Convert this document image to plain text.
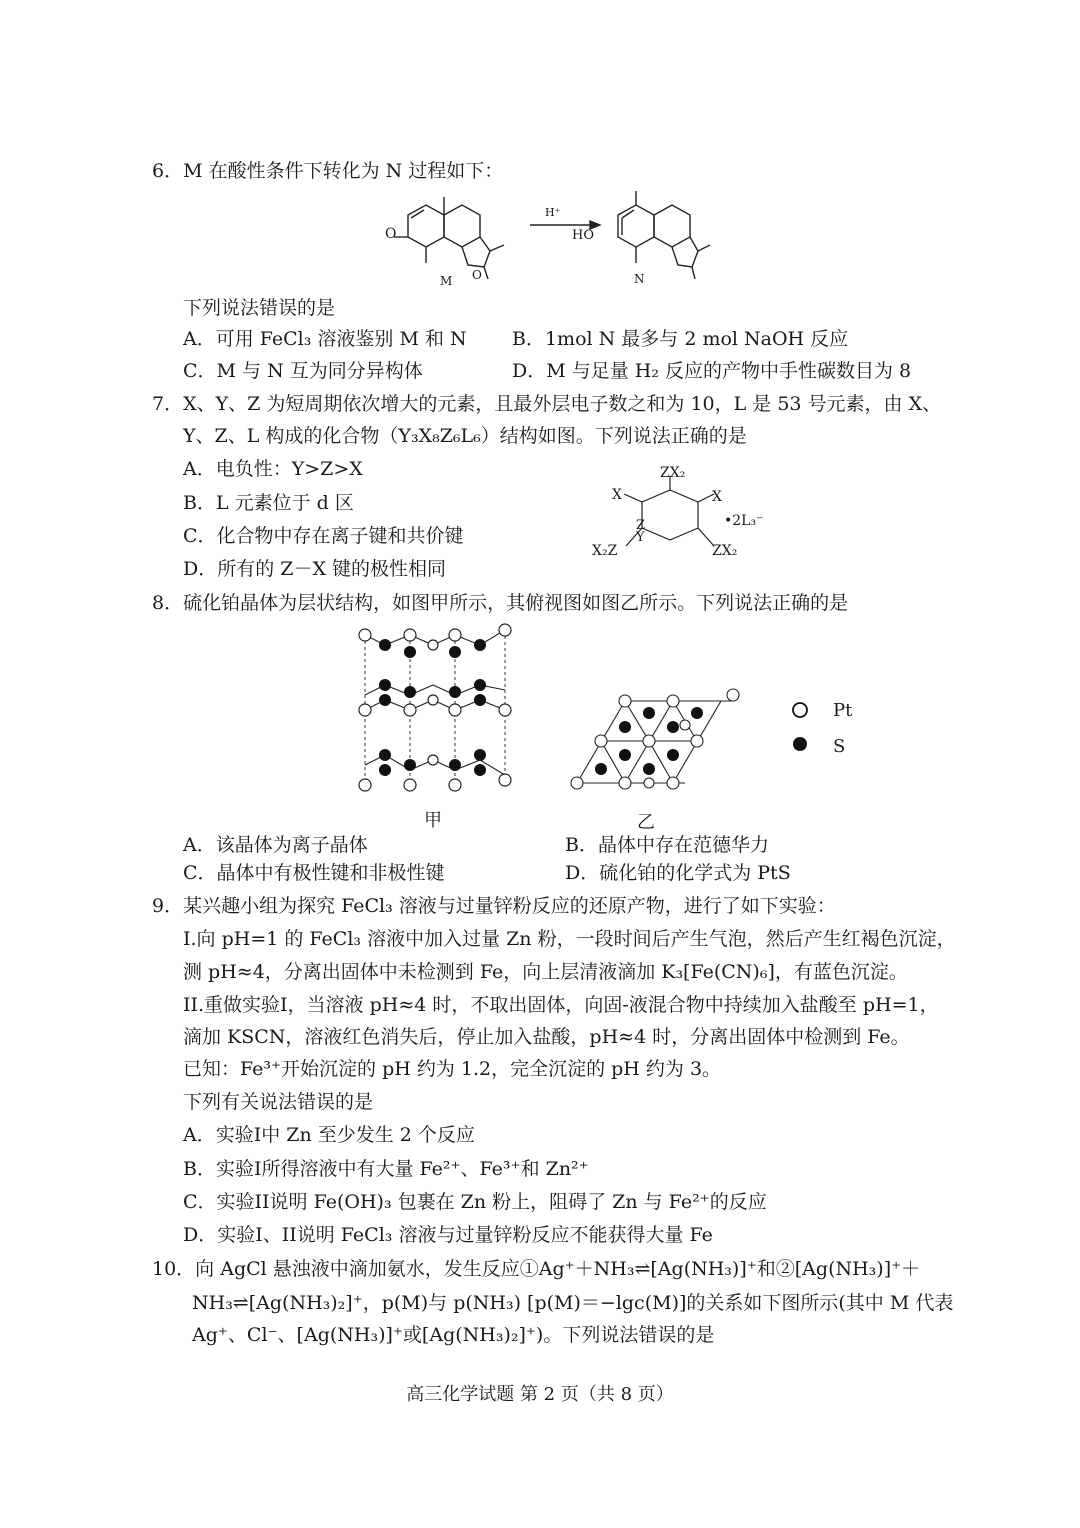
6．M 在酸性条件下转化为 N 过程如下：
O
O
H⁺
HO
M	N
下列说法错误的是
A．可用 FeCl₃ 溶液鉴别 M 和 N B．1mol N 最多与 2 mol NaOH 反应
C．M 与 N 互为同分异构体	D．M 与足量 H₂ 反应的产物中手性碳数目为 8
7．X、Y、Z 为短周期依次增大的元素，且最外层电子数之和为 10，L 是 53 号元素，由 X、
Y、Z、L 构成的化合物（Y₃X₈Z₆L₆）结构如图。下列说法正确的是
A．电负性：Y>Z>X
B．L 元素位于 d 区
C．化合物中存在离子键和共价键
D．所有的 Z－X 键的极性相同
ZX₂
X	X
•2L₃⁻
X₂Z	ZX₂
Z
Y
8．硫化铂晶体为层状结构，如图甲所示，其俯视图如图乙所示。下列说法正确的是
Pt
S
甲	乙
A．该晶体为离子晶体	B．晶体中存在范德华力
C．晶体中有极性键和非极性键	D．硫化铂的化学式为 PtS
9．某兴趣小组为探究 FeCl₃ 溶液与过量锌粉反应的还原产物，进行了如下实验：
I.向 pH=1 的 FeCl₃ 溶液中加入过量 Zn 粉，一段时间后产生气泡，然后产生红褐色沉淀，
测 pH≈4，分离出固体中未检测到 Fe，向上层清液滴加 K₃[Fe(CN)₆]，有蓝色沉淀。
II.重做实验I，当溶液 pH≈4 时，不取出固体，向固-液混合物中持续加入盐酸至 pH=1，
滴加 KSCN，溶液红色消失后，停止加入盐酸，pH≈4 时，分离出固体中检测到 Fe。
已知：Fe³⁺开始沉淀的 pH 约为 1.2，完全沉淀的 pH 约为 3。
下列有关说法错误的是
A．实验I中 Zn 至少发生 2 个反应
B．实验I所得溶液中有大量 Fe²⁺、Fe³⁺和 Zn²⁺
C．实验II说明 Fe(OH)₃ 包裹在 Zn 粉上，阻碍了 Zn 与 Fe²⁺的反应
D．实验I、II说明 FeCl₃ 溶液与过量锌粉反应不能获得大量 Fe
10．向 AgCl 悬浊液中滴加氨水，发生反应①Ag⁺＋NH₃⇌[Ag(NH₃)]⁺和②[Ag(NH₃)]⁺＋
NH₃⇌[Ag(NH₃)₂]⁺，p(M)与 p(NH₃) [p(M)＝−lgc(M)]的关系如下图所示(其中 M 代表
Ag⁺、Cl⁻、[Ag(NH₃)]⁺或[Ag(NH₃)₂]⁺)。下列说法错误的是
高三化学试题 第 2 页（共 8 页）
